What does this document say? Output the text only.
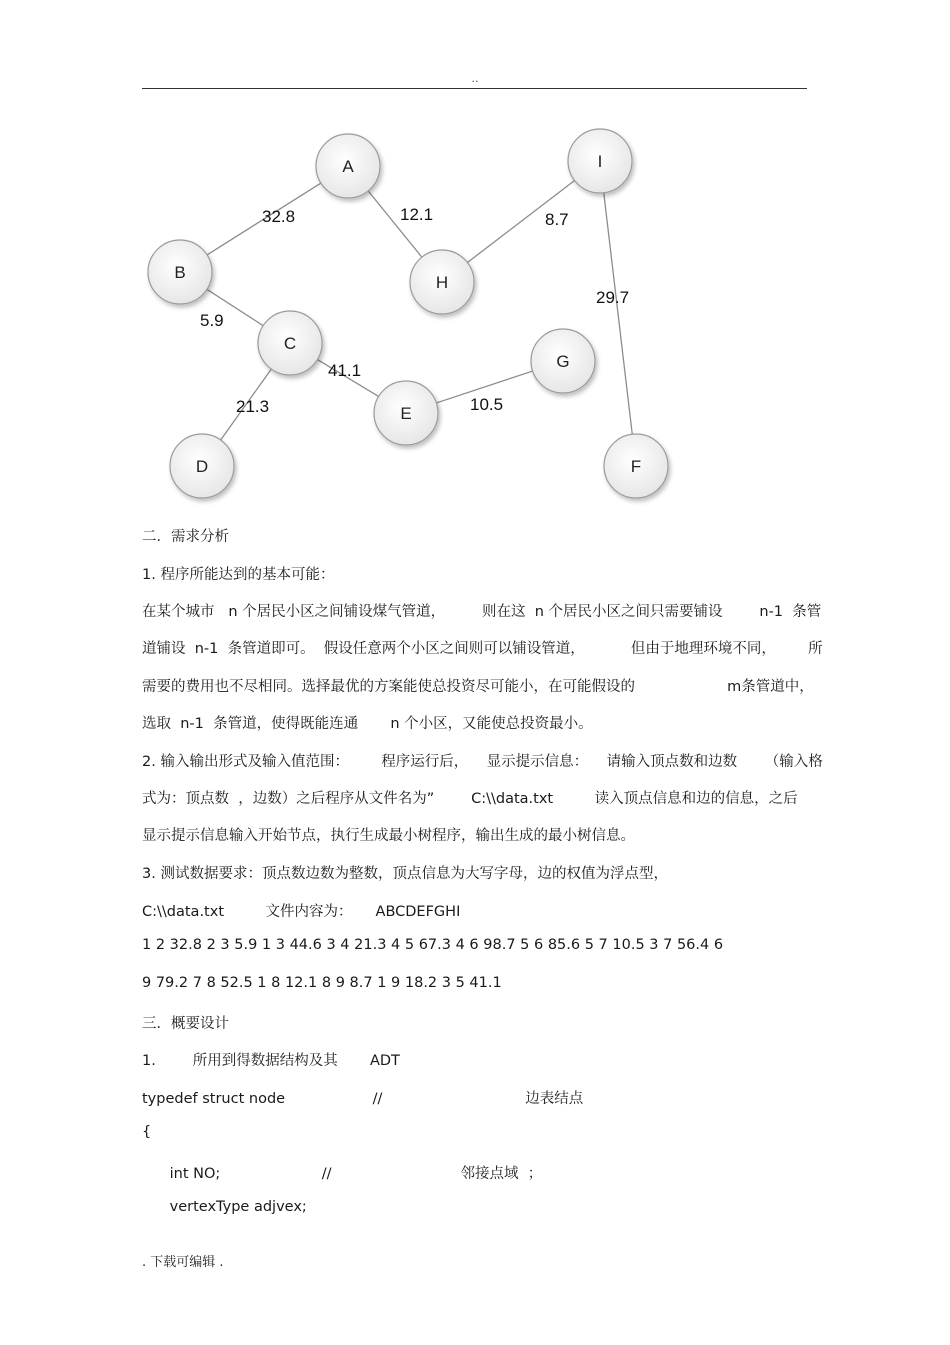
..
32.8	12.1	8.7
29.7
5.9
41.1
21.3	10.5
A
B
C
D
E
F
G
H
I
二．需求分析
1. 程序所能达到的基本可能：
在某个城市   n 个居民小区之间铺设煤气管道，        则在这  n 个居民小区之间只需要铺设        n-1  条管
道铺设  n-1  条管道即可。  假设任意两个小区之间则可以铺设管道，          但由于地理环境不同，       所
需要的费用也不尽相同。选择最优的方案能使总投资尽可能小，在可能假设的                    m条管道中，
选取  n-1  条管道，使得既能连通       n 个小区，又能使总投资最小。
2. 输入输出形式及输入值范围：       程序运行后，    显示提示信息：    请输入顶点数和边数      （输入格
式为：顶点数  ，边数）之后程序从文件名为”        C:\\data.txt         读入顶点信息和边的信息，之后
显示提示信息输入开始节点，执行生成最小树程序，输出生成的最小树信息。
3. 测试数据要求：顶点数边数为整数，顶点信息为大写字母，边的权值为浮点型，
C:\\data.txt         文件内容为：     ABCDEFGHI
1 2 32.8 2 3 5.9 1 3 44.6 3 4 21.3 4 5 67.3 4 6 98.7 5 6 85.6 5 7 10.5 3 7 56.4 6
9 79.2 7 8 52.5 1 8 12.1 8 9 8.7 1 9 18.2 3 5 41.1
三．概要设计
1.        所用到得数据结构及其       ADT
typedef struct node                   //                               边表结点
{
int NO;                      //                            邻接点域  ；
vertexType adjvex;
. 下载可编辑 .
